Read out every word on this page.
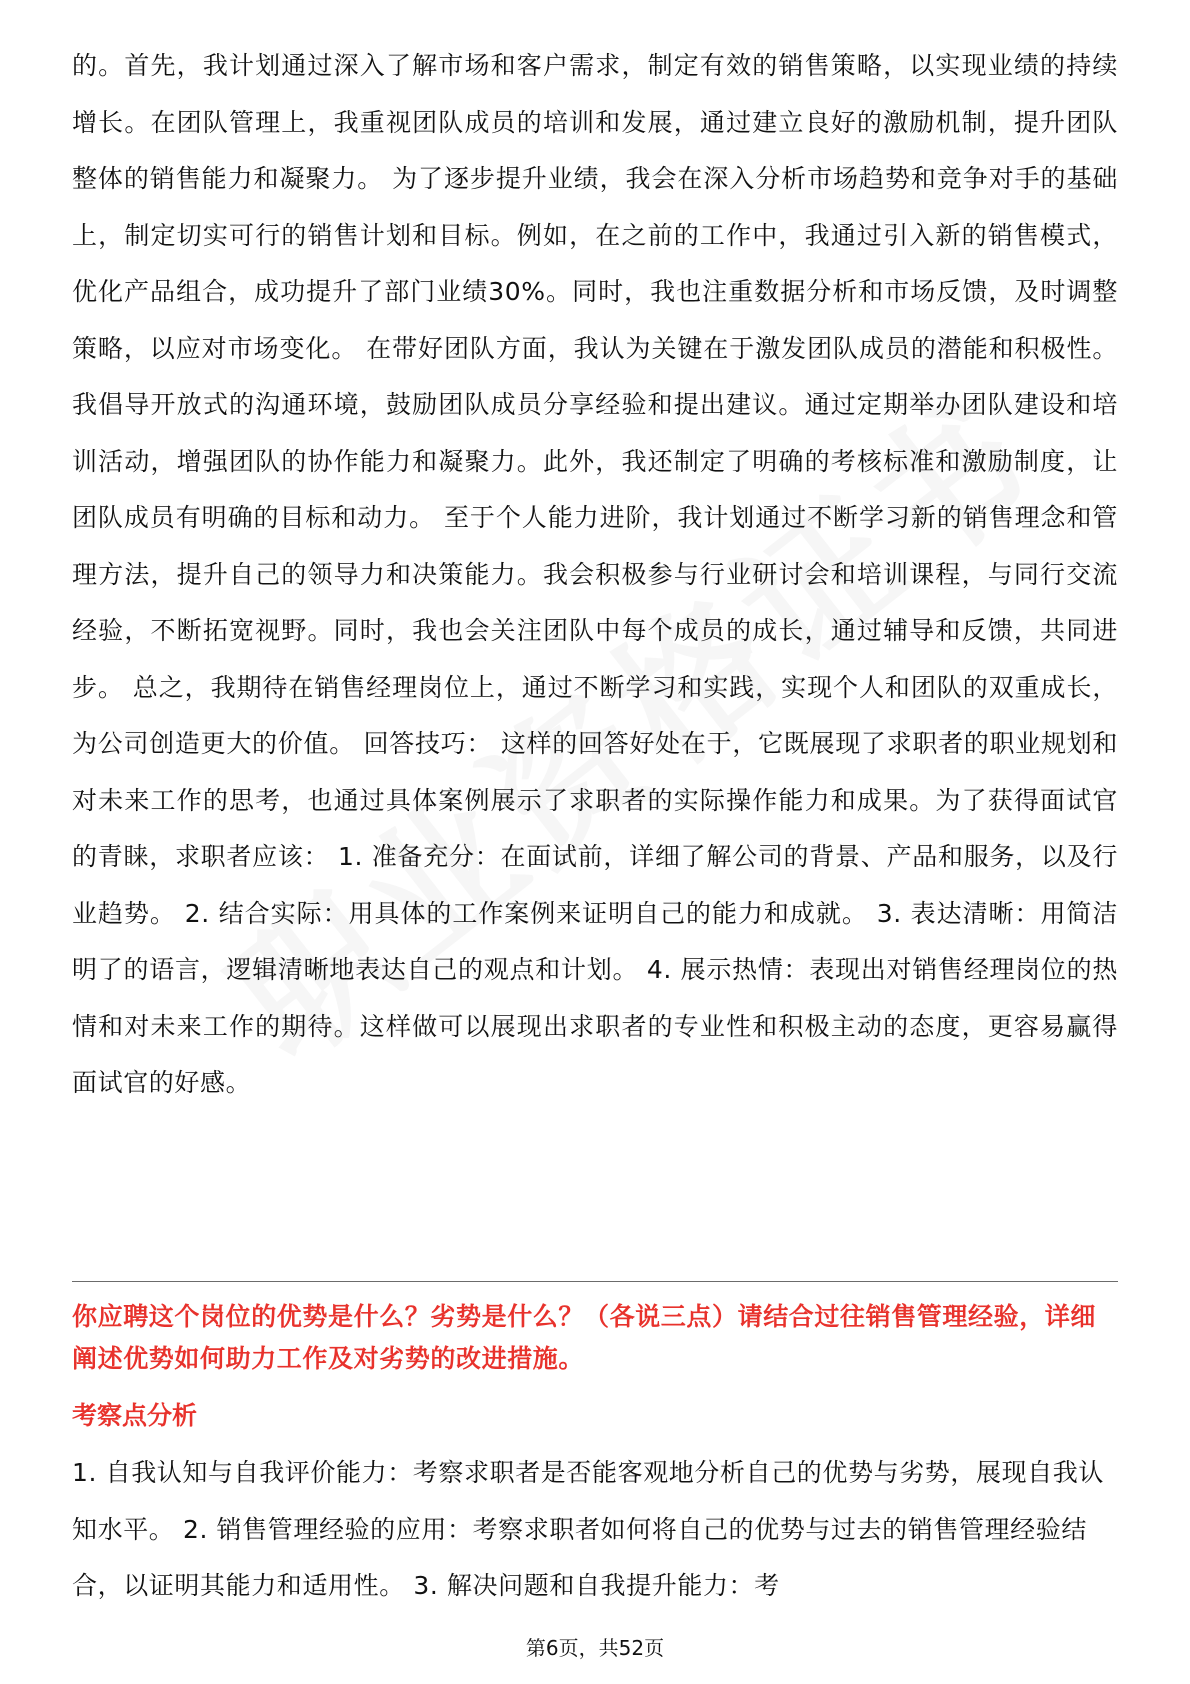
的。首先，我计划通过深入了解市场和客户需求，制定有效的销售策略，以实现业绩的持续增长。在团队管理上，我重视团队成员的培训和发展，通过建立良好的激励机制，提升团队整体的销售能力和凝聚力。 为了逐步提升业绩，我会在深入分析市场趋势和竞争对手的基础上，制定切实可行的销售计划和目标。例如，在之前的工作中，我通过引入新的销售模式，优化产品组合，成功提升了部门业绩30%。同时，我也注重数据分析和市场反馈，及时调整策略，以应对市场变化。 在带好团队方面，我认为关键在于激发团队成员的潜能和积极性。我倡导开放式的沟通环境，鼓励团队成员分享经验和提出建议。通过定期举办团队建设和培训活动，增强团队的协作能力和凝聚力。此外，我还制定了明确的考核标准和激励制度，让团队成员有明确的目标和动力。 至于个人能力进阶，我计划通过不断学习新的销售理念和管理方法，提升自己的领导力和决策能力。我会积极参与行业研讨会和培训课程，与同行交流经验，不断拓宽视野。同时，我也会关注团队中每个成员的成长，通过辅导和反馈，共同进步。 总之，我期待在销售经理岗位上，通过不断学习和实践，实现个人和团队的双重成长，为公司创造更大的价值。 回答技巧： 这样的回答好处在于，它既展现了求职者的职业规划和对未来工作的思考，也通过具体案例展示了求职者的实际操作能力和成果。为了获得面试官的青睐，求职者应该： 1. 准备充分：在面试前，详细了解公司的背景、产品和服务，以及行业趋势。 2. 结合实际：用具体的工作案例来证明自己的能力和成就。 3. 表达清晰：用简洁明了的语言，逻辑清晰地表达自己的观点和计划。 4. 展示热情：表现出对销售经理岗位的热情和对未来工作的期待。这样做可以展现出求职者的专业性和积极主动的态度，更容易赢得面试官的好感。

你应聘这个岗位的优势是什么？劣势是什么？（各说三点）请结合过往销售管理经验，详细阐述优势如何助力工作及对劣势的改进措施。

考察点分析

1. 自我认知与自我评价能力：考察求职者是否能客观地分析自己的优势与劣势，展现自我认知水平。 2. 销售管理经验的应用：考察求职者如何将自己的优势与过去的销售管理经验结合，以证明其能力和适用性。 3. 解决问题和自我提升能力：考

第6页，共52页
